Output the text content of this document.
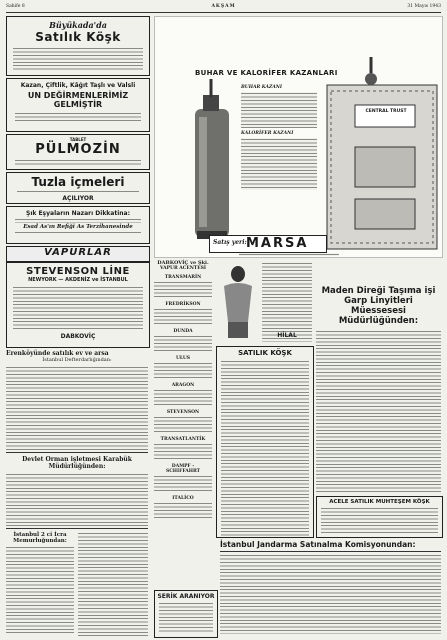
Sahife 8	AKŞAM	31 Mayıs 1943
Büyükada'da
Satılık Köşk
Kazan, Çiftlik, Kâğıt Taşlı ve Valsli
UN DEĞİRMENLERİMİZ
GELMİŞTİR
TABLET
PÜLMOZİN
Tuzla içmeleri
AÇILIYOR
Şık Eşyaların Nazarı Dikkatina:
Esad As'ın Refiği As Terzihanesinde
VAPURLAR
STEVENSON LİNE
NEWYORK — AKDENİZ ve İSTANBUL
DABKOVİÇ
Erenköyünde satılık ev ve arsa
İstanbul Defterdarlığından:
Devlet Orman işletmesi Karabük
Müdürlüğünden:
İstanbul 2 ci İcra
Memurluğundan:
BUHAR VE KALORİFER KAZANLARI
CENTRAL TRUST
BUHAR KAZANI
KALORİFER KAZANI
Satış yeri: MARSA
DABKOVİÇ ve Şki.
VAPUR ACENTESİ
TRANSMARİN
FREDRİKSON
DUNDA
ULUS
ARAGON
STEVENSON
TRANSATLANTİK
DAMPF - SCHIFFAHRT
ITALİCO
HİLAL
SATILIK KÖŞK
SERİK ARANIYOR
Maden Direği Taşıma işi
Garp Linyitleri Müessesesi
Müdürlüğünden:
ACELE SATILIK MUHTEŞEM KÖŞK
İstanbul Jandarma Satınalma Komisyonundan:
